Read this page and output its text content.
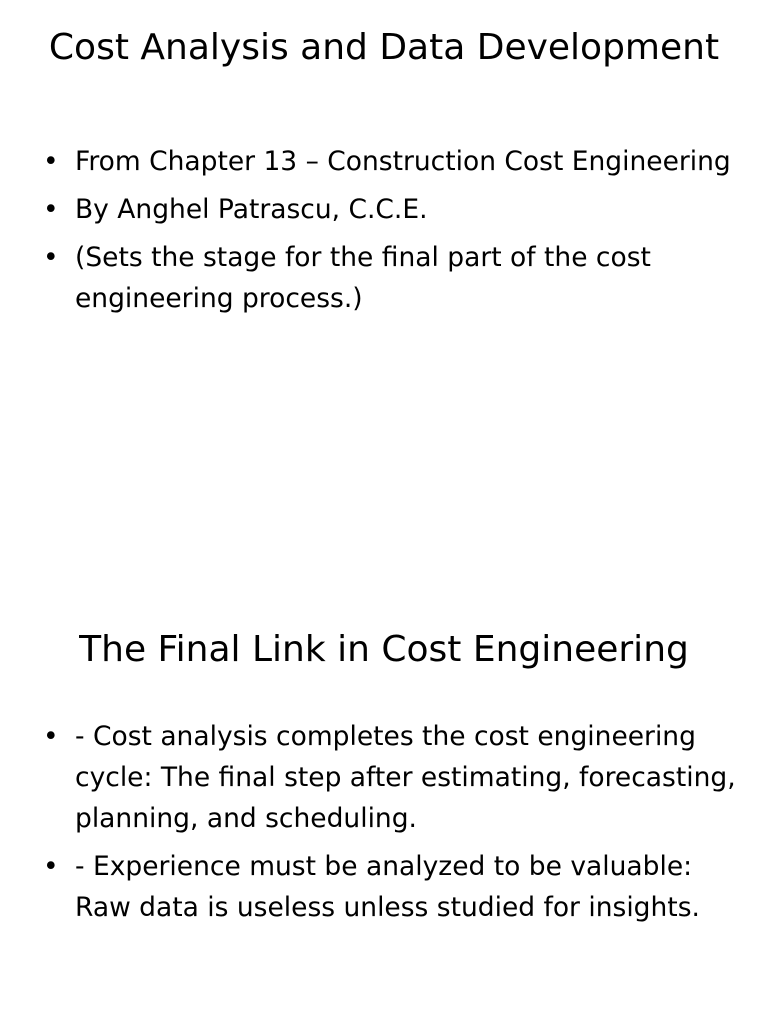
Cost Analysis and Data Development
• From Chapter 13 – Construction Cost Engineering
• By Anghel Patrascu, C.C.E.
• (Sets the stage for the final part of the cost engineering process.)
The Final Link in Cost Engineering
• - Cost analysis completes the cost engineering cycle: The final step after estimating, forecasting, planning, and scheduling.
• - Experience must be analyzed to be valuable: Raw data is useless unless studied for insights.
